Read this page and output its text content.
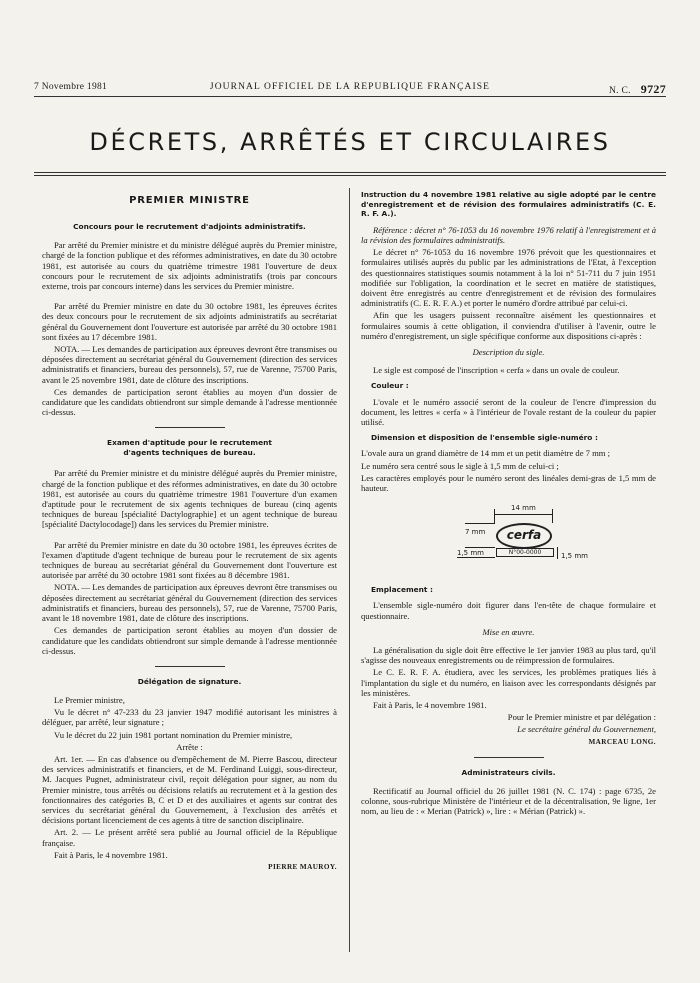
7 Novembre 1981	JOURNAL OFFICIEL DE LA REPUBLIQUE FRANÇAISE	N. C. 9727
DÉCRETS, ARRÊTÉS ET CIRCULAIRES
PREMIER MINISTRE
Concours pour le recrutement d'adjoints administratifs.

Par arrêté du Premier ministre et du ministre délégué auprès du Premier ministre, chargé de la fonction publique et des réformes administratives, en date du 30 octobre 1981, est autorisée au cours du quatrième trimestre 1981 l'ouverture de deux concours pour le recrutement de six adjoints administratifs (trois par concours externe, trois par concours interne) dans les services du Premier ministre.

Par arrêté du Premier ministre en date du 30 octobre 1981, les épreuves écrites des deux concours pour le recrutement de six adjoints administratifs au secrétariat général du Gouvernement dont l'ouverture est autorisée par arrêté du 30 octobre 1981 sont fixées au 17 décembre 1981.

NOTA. — Les demandes de participation aux épreuves devront être transmises ou déposées directement au secrétariat général du Gouvernement (direction des services administratifs et financiers, bureau des personnels), 57, rue de Varenne, 75700 Paris, avant le 25 novembre 1981, date de clôture des inscriptions.

Ces demandes de participation seront établies au moyen d'un dossier de candidature que les candidats obtiendront sur simple demande à l'adresse mentionnée ci-dessus.

Examen d'aptitude pour le recrutement
d'agents techniques de bureau.

Par arrêté du Premier ministre et du ministre délégué auprès du Premier ministre, chargé de la fonction publique et des réformes administratives, en date du 30 octobre 1981, est autorisée au cours du quatrième trimestre 1981 l'ouverture d'un examen d'aptitude pour le recrutement de six agents techniques de bureau (cinq agents techniques de bureau [spécialité Dactylographie] et un agent technique de bureau [spécialité Dactylocodage]) dans les services du Premier ministre.

Par arrêté du Premier ministre en date du 30 octobre 1981, les épreuves écrites de l'examen d'aptitude d'agent technique de bureau pour le recrutement de six agents techniques de bureau au secrétariat général du Gouvernement dont l'ouverture est autorisée par arrêté du 30 octobre 1981 sont fixées au 8 décembre 1981.

NOTA. — Les demandes de participation aux épreuves devront être transmises ou déposées directement au secrétariat général du Gouvernement (direction des services administratifs et financiers, bureau des personnels), 57, rue de Varenne, 75700 Paris, avant le 18 novembre 1981, date de clôture des inscriptions.

Ces demandes de participation seront établies au moyen d'un dossier de candidature que les candidats obtiendront sur simple demande à l'adresse mentionnée ci-dessus.

Délégation de signature.

Le Premier ministre,

Vu le décret n° 47-233 du 23 janvier 1947 modifié autorisant les ministres à déléguer, par arrêté, leur signature ;

Vu le décret du 22 juin 1981 portant nomination du Premier ministre,

Arrête :

Art. 1er. — En cas d'absence ou d'empêchement de M. Pierre Bascou, directeur des services administratifs et financiers, et de M. Ferdinand Luiggi, sous-directeur, M. Jacques Pugnet, administrateur civil, reçoit délégation pour signer, au nom du Premier ministre, tous arrêtés ou décisions relatifs au recrutement et à la gestion des fonctionnaires des catégories B, C et D et des auxiliaires et agents sur contrat des services du secrétariat général du Gouvernement, à l'exclusion des arrêtés et décisions portant licenciement de ces agents à titre de sanction disciplinaire.

Art. 2. — Le présent arrêté sera publié au Journal officiel de la République française.

Fait à Paris, le 4 novembre 1981.

PIERRE MAUROY.

Instruction du 4 novembre 1981 relative au sigle adopté par le centre d'enregistrement et de révision des formulaires administratifs (C. E. R. F. A.).

Référence : décret n° 76-1053 du 16 novembre 1976 relatif à l'enregistrement et à la révision des formulaires administratifs.

Le décret n° 76-1053 du 16 novembre 1976 prévoit que les questionnaires et formulaires utilisés auprès du public par les administrations de l'Etat, à l'exception des questionnaires statistiques soumis notamment à la loi n° 51-711 du 7 juin 1951 modifiée sur l'obligation, la coordination et le secret en matière de statistiques, doivent être enregistrés au centre d'enregistrement et de révision des formulaires administratifs (C. E. R. F. A.) et porter le numéro d'ordre attribué par celui-ci.

Afin que les usagers puissent reconnaître aisément les questionnaires et formulaires soumis à cette obligation, il conviendra d'utiliser à l'avenir, outre le numéro d'enregistrement, un sigle spécifique conforme aux dispositions ci-après :

Description du sigle.

Le sigle est composé de l'inscription « cerfa » dans un ovale de couleur.

Couleur :

L'ovale et le numéro associé seront de la couleur de l'encre d'impression du document, les lettres « cerfa » à l'intérieur de l'ovale restant de la couleur du papier utilisé.

Dimension et disposition de l'ensemble sigle-numéro :

L'ovale aura un grand diamètre de 14 mm et un petit diamètre de 7 mm ;

Le numéro sera centré sous le sigle à 1,5 mm de celui-ci ;

Les caractères employés pour le numéro seront des linéales demi-gras de 1,5 mm de hauteur.

14 mm
7 mm
1,5 mm
cerfa
N°00-0000	1,5 mm
Emplacement :

L'ensemble sigle-numéro doit figurer dans l'en-tête de chaque formulaire et questionnaire.

Mise en œuvre.

La généralisation du sigle doit être effective le 1er janvier 1983 au plus tard, qu'il s'agisse des nouveaux enregistrements ou de réimpression de formulaires.

Le C. E. R. F. A. étudiera, avec les services, les problèmes pratiques liés à l'implantation du sigle et du numéro, en liaison avec les correspondants désignés par les ministères.

Fait à Paris, le 4 novembre 1981.

Pour le Premier ministre et par délégation :

Le secrétaire général du Gouvernement,

MARCEAU LONG.
Administrateurs civils.

Rectificatif au Journal officiel du 26 juillet 1981 (N. C. 174) : page 6735, 2e colonne, sous-rubrique Ministère de l'intérieur et de la décentralisation, 9e ligne, 1er nom, au lieu de : « Merian (Patrick) », lire : « Mérian (Patrick) ».
